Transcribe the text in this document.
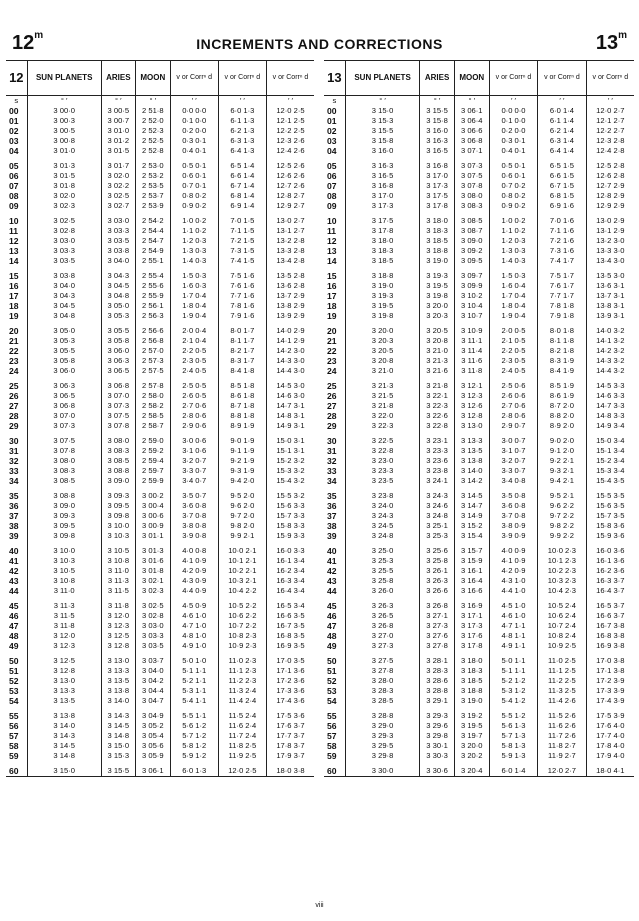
12$^m$
INCREMENTS AND CORRECTIONS	13$^m$
12	SUN PLANETS	ARIES	MOON	v or Corrⁿ d	v or Corrⁿ d	v or Corrⁿ d
s	° ′	° ′	° ′	′ ′	′ ′	′ ′
00	3 00·0	3 00·5	2 51·8	0·0 0·0	6·0 1·3	12·0 2·5
01	3 00·3	3 00·7	2 52·0	0·1 0·0	6·1 1·3	12·1 2·5
02	3 00·5	3 01·0	2 52·3	0·2 0·0	6·2 1·3	12·2 2·5
03	3 00·8	3 01·2	2 52·5	0·3 0·1	6·3 1·3	12·3 2·6
04	3 01·0	3 01·5	2 52·8	0·4 0·1	6·4 1·3	12·4 2·6

05	3 01·3	3 01·7	2 53·0	0·5 0·1	6·5 1·4	12·5 2·6
06	3 01·5	3 02·0	2 53·2	0·6 0·1	6·6 1·4	12·6 2·6
07	3 01·8	3 02·2	2 53·5	0·7 0·1	6·7 1·4	12·7 2·6
08	3 02·0	3 02·5	2 53·7	0·8 0·2	6·8 1·4	12·8 2·7
09	3 02·3	3 02·7	2 53·9	0·9 0·2	6·9 1·4	12·9 2·7

10	3 02·5	3 03·0	2 54·2	1·0 0·2	7·0 1·5	13·0 2·7
11	3 02·8	3 03·3	2 54·4	1·1 0·2	7·1 1·5	13·1 2·7
12	3 03·0	3 03·5	2 54·7	1·2 0·3	7·2 1·5	13·2 2·8
13	3 03·3	3 03·8	2 54·9	1·3 0·3	7·3 1·5	13·3 2·8
14	3 03·5	3 04·0	2 55·1	1·4 0·3	7·4 1·5	13·4 2·8

15	3 03·8	3 04·3	2 55·4	1·5 0·3	7·5 1·6	13·5 2·8
16	3 04·0	3 04·5	2 55·6	1·6 0·3	7·6 1·6	13·6 2·8
17	3 04·3	3 04·8	2 55·9	1·7 0·4	7·7 1·6	13·7 2·9
18	3 04·5	3 05·0	2 56·1	1·8 0·4	7·8 1·6	13·8 2·9
19	3 04·8	3 05·3	2 56·3	1·9 0·4	7·9 1·6	13·9 2·9

20	3 05·0	3 05·5	2 56·6	2·0 0·4	8·0 1·7	14·0 2·9
21	3 05·3	3 05·8	2 56·8	2·1 0·4	8·1 1·7	14·1 2·9
22	3 05·5	3 06·0	2 57·0	2·2 0·5	8·2 1·7	14·2 3·0
23	3 05·8	3 06·3	2 57·3	2·3 0·5	8·3 1·7	14·3 3·0
24	3 06·0	3 06·5	2 57·5	2·4 0·5	8·4 1·8	14·4 3·0

25	3 06·3	3 06·8	2 57·8	2·5 0·5	8·5 1·8	14·5 3·0
26	3 06·5	3 07·0	2 58·0	2·6 0·5	8·6 1·8	14·6 3·0
27	3 06·8	3 07·3	2 58·2	2·7 0·6	8·7 1·8	14·7 3·1
28	3 07·0	3 07·5	2 58·5	2·8 0·6	8·8 1·8	14·8 3·1
29	3 07·3	3 07·8	2 58·7	2·9 0·6	8·9 1·9	14·9 3·1

30	3 07·5	3 08·0	2 59·0	3·0 0·6	9·0 1·9	15·0 3·1
31	3 07·8	3 08·3	2 59·2	3·1 0·6	9·1 1·9	15·1 3·1
32	3 08·0	3 08·5	2 59·4	3·2 0·7	9·2 1·9	15·2 3·2
33	3 08·3	3 08·8	2 59·7	3·3 0·7	9·3 1·9	15·3 3·2
34	3 08·5	3 09·0	2 59·9	3·4 0·7	9·4 2·0	15·4 3·2

35	3 08·8	3 09·3	3 00·2	3·5 0·7	9·5 2·0	15·5 3·2
36	3 09·0	3 09·5	3 00·4	3·6 0·8	9·6 2·0	15·6 3·3
37	3 09·3	3 09·8	3 00·6	3·7 0·8	9·7 2·0	15·7 3·3
38	3 09·5	3 10·0	3 00·9	3·8 0·8	9·8 2·0	15·8 3·3
39	3 09·8	3 10·3	3 01·1	3·9 0·8	9·9 2·1	15·9 3·3

40	3 10·0	3 10·5	3 01·3	4·0 0·8	10·0 2·1	16·0 3·3
41	3 10·3	3 10·8	3 01·6	4·1 0·9	10·1 2·1	16·1 3·4
42	3 10·5	3 11·0	3 01·8	4·2 0·9	10·2 2·1	16·2 3·4
43	3 10·8	3 11·3	3 02·1	4·3 0·9	10·3 2·1	16·3 3·4
44	3 11·0	3 11·5	3 02·3	4·4 0·9	10·4 2·2	16·4 3·4

45	3 11·3	3 11·8	3 02·5	4·5 0·9	10·5 2·2	16·5 3·4
46	3 11·5	3 12·0	3 02·8	4·6 1·0	10·6 2·2	16·6 3·5
47	3 11·8	3 12·3	3 03·0	4·7 1·0	10·7 2·2	16·7 3·5
48	3 12·0	3 12·5	3 03·3	4·8 1·0	10·8 2·3	16·8 3·5
49	3 12·3	3 12·8	3 03·5	4·9 1·0	10·9 2·3	16·9 3·5

50	3 12·5	3 13·0	3 03·7	5·0 1·0	11·0 2·3	17·0 3·5
51	3 12·8	3 13·3	3 04·0	5·1 1·1	11·1 2·3	17·1 3·6
52	3 13·0	3 13·5	3 04·2	5·2 1·1	11·2 2·3	17·2 3·6
53	3 13·3	3 13·8	3 04·4	5·3 1·1	11·3 2·4	17·3 3·6
54	3 13·5	3 14·0	3 04·7	5·4 1·1	11·4 2·4	17·4 3·6

55	3 13·8	3 14·3	3 04·9	5·5 1·1	11·5 2·4	17·5 3·6
56	3 14·0	3 14·5	3 05·2	5·6 1·2	11·6 2·4	17·6 3·7
57	3 14·3	3 14·8	3 05·4	5·7 1·2	11·7 2·4	17·7 3·7
58	3 14·5	3 15·0	3 05·6	5·8 1·2	11·8 2·5	17·8 3·7
59	3 14·8	3 15·3	3 05·9	5·9 1·2	11·9 2·5	17·9 3·7

60	3 15·0	3 15·5	3 06·1	6·0 1·3	12·0 2·5	18·0 3·8
13	SUN PLANETS	ARIES	MOON	v or Corrⁿ d	v or Corrⁿ d	v or Corrⁿ d
s	° ′	° ′	° ′	′ ′	′ ′	′ ′
00	3 15·0	3 15·5	3 06·1	0·0 0·0	6·0 1·4	12·0 2·7
01	3 15·3	3 15·8	3 06·4	0·1 0·0	6·1 1·4	12·1 2·7
02	3 15·5	3 16·0	3 06·6	0·2 0·0	6·2 1·4	12·2 2·7
03	3 15·8	3 16·3	3 06·8	0·3 0·1	6·3 1·4	12·3 2·8
04	3 16·0	3 16·5	3 07·1	0·4 0·1	6·4 1·4	12·4 2·8

05	3 16·3	3 16·8	3 07·3	0·5 0·1	6·5 1·5	12·5 2·8
06	3 16·5	3 17·0	3 07·5	0·6 0·1	6·6 1·5	12·6 2·8
07	3 16·8	3 17·3	3 07·8	0·7 0·2	6·7 1·5	12·7 2·9
08	3 17·0	3 17·5	3 08·0	0·8 0·2	6·8 1·5	12·8 2·9
09	3 17·3	3 17·8	3 08·3	0·9 0·2	6·9 1·6	12·9 2·9

10	3 17·5	3 18·0	3 08·5	1·0 0·2	7·0 1·6	13·0 2·9
11	3 17·8	3 18·3	3 08·7	1·1 0·2	7·1 1·6	13·1 2·9
12	3 18·0	3 18·5	3 09·0	1·2 0·3	7·2 1·6	13·2 3·0
13	3 18·3	3 18·8	3 09·2	1·3 0·3	7·3 1·6	13·3 3·0
14	3 18·5	3 19·0	3 09·5	1·4 0·3	7·4 1·7	13·4 3·0

15	3 18·8	3 19·3	3 09·7	1·5 0·3	7·5 1·7	13·5 3·0
16	3 19·0	3 19·5	3 09·9	1·6 0·4	7·6 1·7	13·6 3·1
17	3 19·3	3 19·8	3 10·2	1·7 0·4	7·7 1·7	13·7 3·1
18	3 19·5	3 20·0	3 10·4	1·8 0·4	7·8 1·8	13·8 3·1
19	3 19·8	3 20·3	3 10·7	1·9 0·4	7·9 1·8	13·9 3·1

20	3 20·0	3 20·5	3 10·9	2·0 0·5	8·0 1·8	14·0 3·2
21	3 20·3	3 20·8	3 11·1	2·1 0·5	8·1 1·8	14·1 3·2
22	3 20·5	3 21·0	3 11·4	2·2 0·5	8·2 1·8	14·2 3·2
23	3 20·8	3 21·3	3 11·6	2·3 0·5	8·3 1·9	14·3 3·2
24	3 21·0	3 21·6	3 11·8	2·4 0·5	8·4 1·9	14·4 3·2

25	3 21·3	3 21·8	3 12·1	2·5 0·6	8·5 1·9	14·5 3·3
26	3 21·5	3 22·1	3 12·3	2·6 0·6	8·6 1·9	14·6 3·3
27	3 21·8	3 22·3	3 12·6	2·7 0·6	8·7 2·0	14·7 3·3
28	3 22·0	3 22·6	3 12·8	2·8 0·6	8·8 2·0	14·8 3·3
29	3 22·3	3 22·8	3 13·0	2·9 0·7	8·9 2·0	14·9 3·4

30	3 22·5	3 23·1	3 13·3	3·0 0·7	9·0 2·0	15·0 3·4
31	3 22·8	3 23·3	3 13·5	3·1 0·7	9·1 2·0	15·1 3·4
32	3 23·0	3 23·6	3 13·8	3·2 0·7	9·2 2·1	15·2 3·4
33	3 23·3	3 23·8	3 14·0	3·3 0·7	9·3 2·1	15·3 3·4
34	3 23·5	3 24·1	3 14·2	3·4 0·8	9·4 2·1	15·4 3·5

35	3 23·8	3 24·3	3 14·5	3·5 0·8	9·5 2·1	15·5 3·5
36	3 24·0	3 24·6	3 14·7	3·6 0·8	9·6 2·2	15·6 3·5
37	3 24·3	3 24·8	3 14·9	3·7 0·8	9·7 2·2	15·7 3·5
38	3 24·5	3 25·1	3 15·2	3·8 0·9	9·8 2·2	15·8 3·6
39	3 24·8	3 25·3	3 15·4	3·9 0·9	9·9 2·2	15·9 3·6

40	3 25·0	3 25·6	3 15·7	4·0 0·9	10·0 2·3	16·0 3·6
41	3 25·3	3 25·8	3 15·9	4·1 0·9	10·1 2·3	16·1 3·6
42	3 25·5	3 26·1	3 16·1	4·2 0·9	10·2 2·3	16·2 3·6
43	3 25·8	3 26·3	3 16·4	4·3 1·0	10·3 2·3	16·3 3·7
44	3 26·0	3 26·6	3 16·6	4·4 1·0	10·4 2·3	16·4 3·7

45	3 26·3	3 26·8	3 16·9	4·5 1·0	10·5 2·4	16·5 3·7
46	3 26·5	3 27·1	3 17·1	4·6 1·0	10·6 2·4	16·6 3·7
47	3 26·8	3 27·3	3 17·3	4·7 1·1	10·7 2·4	16·7 3·8
48	3 27·0	3 27·6	3 17·6	4·8 1·1	10·8 2·4	16·8 3·8
49	3 27·3	3 27·8	3 17·8	4·9 1·1	10·9 2·5	16·9 3·8

50	3 27·5	3 28·1	3 18·0	5·0 1·1	11·0 2·5	17·0 3·8
51	3 27·8	3 28·3	3 18·3	5·1 1·1	11·1 2·5	17·1 3·8
52	3 28·0	3 28·6	3 18·5	5·2 1·2	11·2 2·5	17·2 3·9
53	3 28·3	3 28·8	3 18·8	5·3 1·2	11·3 2·5	17·3 3·9
54	3 28·5	3 29·1	3 19·0	5·4 1·2	11·4 2·6	17·4 3·9

55	3 28·8	3 29·3	3 19·2	5·5 1·2	11·5 2·6	17·5 3·9
56	3 29·0	3 29·6	3 19·5	5·6 1·3	11·6 2·6	17·6 4·0
57	3 29·3	3 29·8	3 19·7	5·7 1·3	11·7 2·6	17·7 4·0
58	3 29·5	3 30·1	3 20·0	5·8 1·3	11·8 2·7	17·8 4·0
59	3 29·8	3 30·3	3 20·2	5·9 1·3	11·9 2·7	17·9 4·0

60	3 30·0	3 30·6	3 20·4	6·0 1·4	12·0 2·7	18·0 4·1
viii
